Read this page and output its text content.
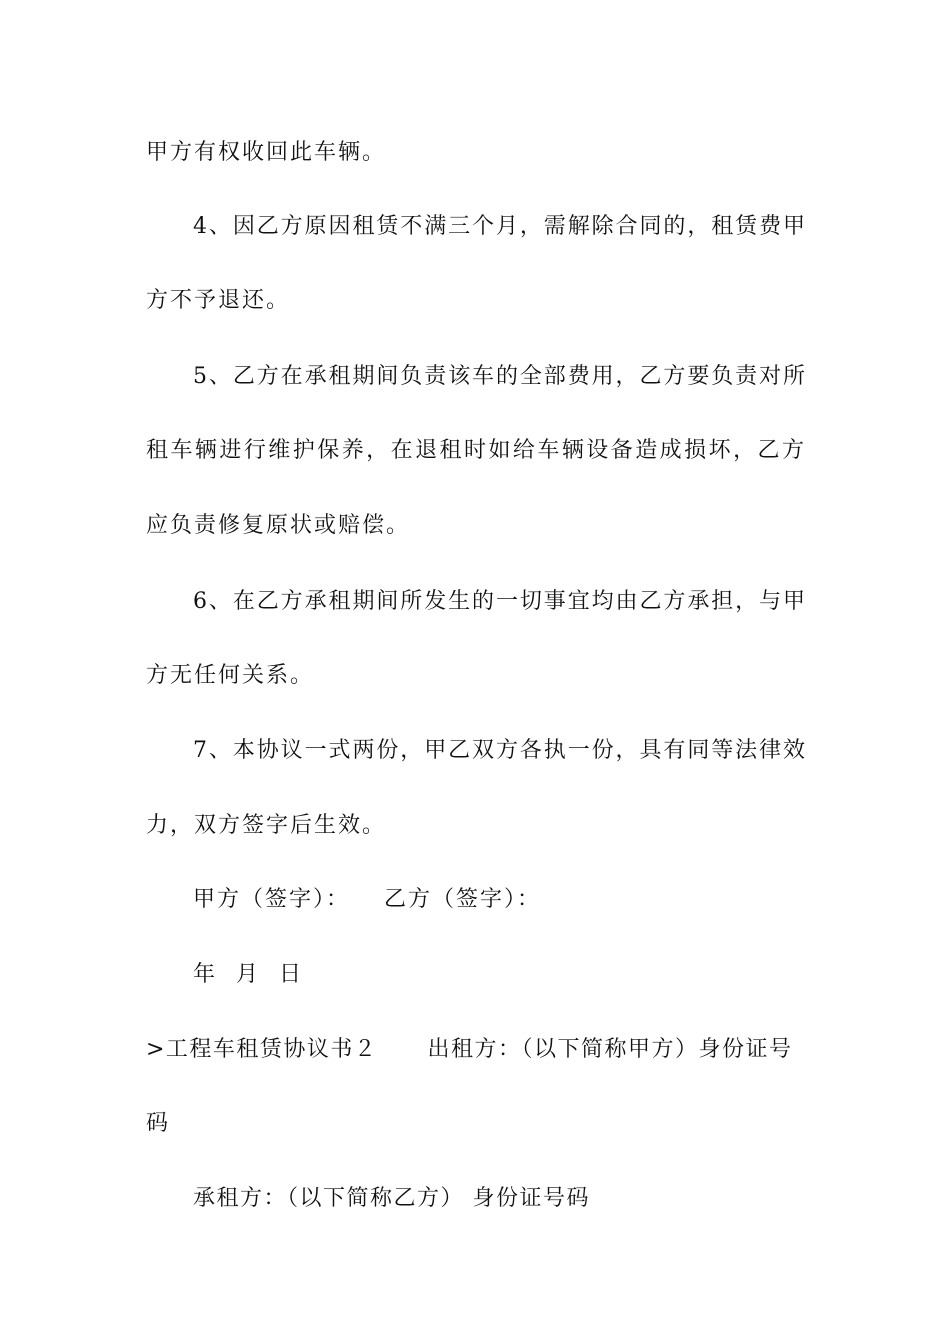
甲方有权收回此车辆。
4、因乙方原因租赁不满三个月，需解除合同的，租赁费甲
方不予退还。
5、乙方在承租期间负责该车的全部费用，乙方要负责对所
租车辆进行维护保养，在退租时如给车辆设备造成损坏，乙方
应负责修复原状或赔偿。
6、在乙方承租期间所发生的一切事宜均由乙方承担，与甲
方无任何关系。
7、本协议一式两份，甲乙双方各执一份，具有同等法律效
力，双方签字后生效。
甲方（签字）： 乙方（签字）：
年 月 日
>工程车租赁协议书２ 出租方：（以下简称甲方）身份证号
码
承租方：（以下简称乙方） 身份证号码
